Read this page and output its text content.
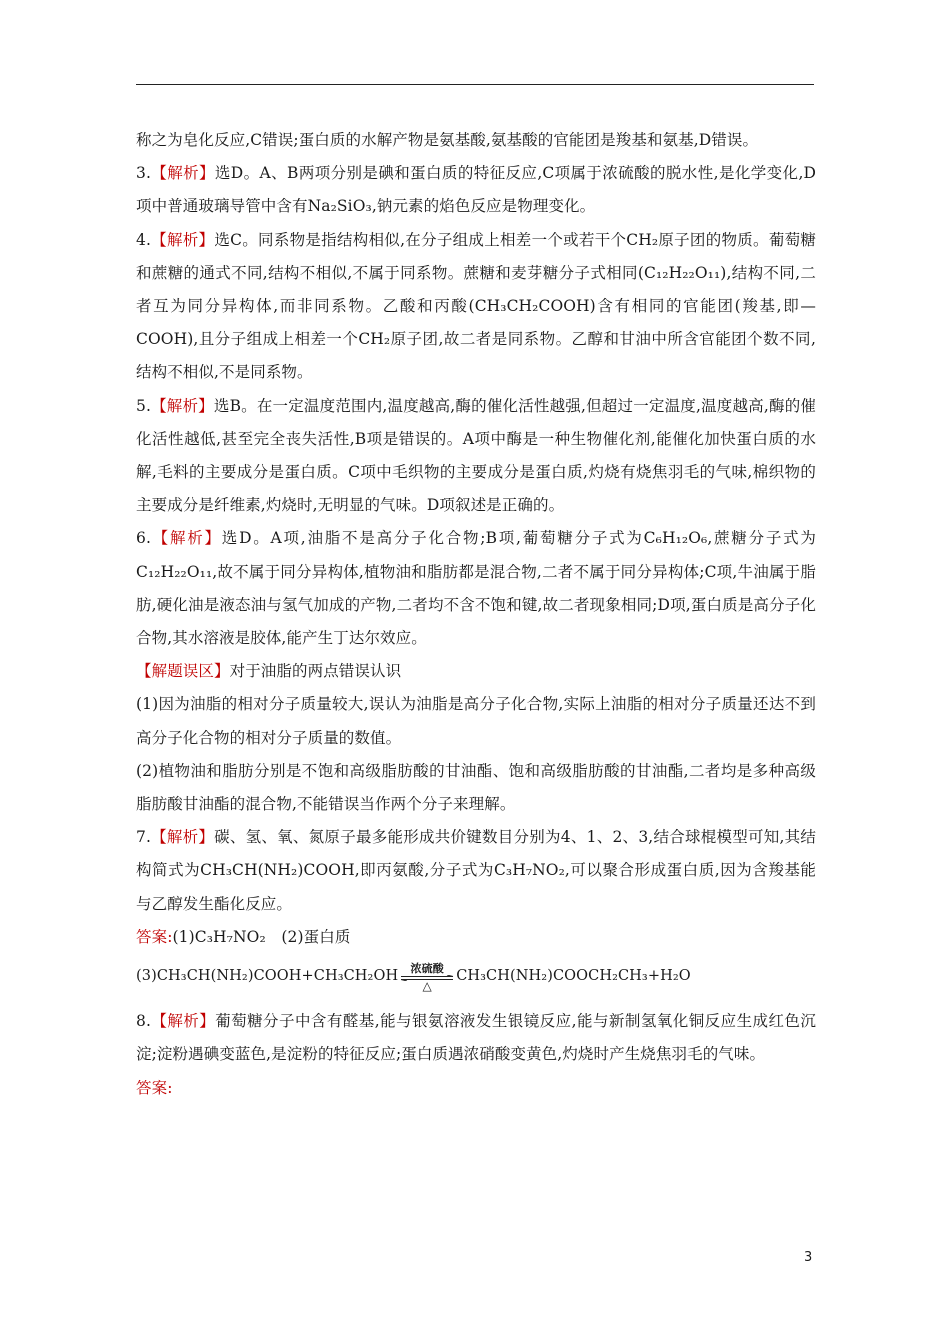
称之为皂化反应,C错误;蛋白质的水解产物是氨基酸,氨基酸的官能团是羧基和氨基,D错误。

3.【解析】选D。A、B两项分别是碘和蛋白质的特征反应,C项属于浓硫酸的脱水性,是化学变化,D项中普通玻璃导管中含有Na₂SiO₃,钠元素的焰色反应是物理变化。

4.【解析】选C。同系物是指结构相似,在分子组成上相差一个或若干个CH₂原子团的物质。葡萄糖和蔗糖的通式不同,结构不相似,不属于同系物。蔗糖和麦芽糖分子式相同(C₁₂H₂₂O₁₁),结构不同,二者互为同分异构体,而非同系物。乙酸和丙酸(CH₃CH₂COOH)含有相同的官能团(羧基,即—COOH),且分子组成上相差一个CH₂原子团,故二者是同系物。乙醇和甘油中所含官能团个数不同,结构不相似,不是同系物。

5.【解析】选B。在一定温度范围内,温度越高,酶的催化活性越强,但超过一定温度,温度越高,酶的催化活性越低,甚至完全丧失活性,B项是错误的。A项中酶是一种生物催化剂,能催化加快蛋白质的水解,毛料的主要成分是蛋白质。C项中毛织物的主要成分是蛋白质,灼烧有烧焦羽毛的气味,棉织物的主要成分是纤维素,灼烧时,无明显的气味。D项叙述是正确的。

6.【解析】选D。A项,油脂不是高分子化合物;B项,葡萄糖分子式为C₆H₁₂O₆,蔗糖分子式为C₁₂H₂₂O₁₁,故不属于同分异构体,植物油和脂肪都是混合物,二者不属于同分异构体;C项,牛油属于脂肪,硬化油是液态油与氢气加成的产物,二者均不含不饱和键,故二者现象相同;D项,蛋白质是高分子化合物,其水溶液是胶体,能产生丁达尔效应。

【解题误区】对于油脂的两点错误认识

(1)因为油脂的相对分子质量较大,误认为油脂是高分子化合物,实际上油脂的相对分子质量还达不到高分子化合物的相对分子质量的数值。

(2)植物油和脂肪分别是不饱和高级脂肪酸的甘油酯、饱和高级脂肪酸的甘油酯,二者均是多种高级脂肪酸甘油酯的混合物,不能错误当作两个分子来理解。

7.【解析】碳、氢、氧、氮原子最多能形成共价键数目分别为4、1、2、3,结合球棍模型可知,其结构简式为CH₃CH(NH₂)COOH,即丙氨酸,分子式为C₃H₇NO₂,可以聚合形成蛋白质,因为含羧基能与乙醇发生酯化反应。

答案:(1)C₃H₇NO₂　(2)蛋白质

(3)CH₃CH(NH₂)COOH+CH₃CH₂OH	浓硫酸
△
CH₃CH(NH₂)COOCH₂CH₃+H₂O

8.【解析】葡萄糖分子中含有醛基,能与银氨溶液发生银镜反应,能与新制氢氧化铜反应生成红色沉淀;淀粉遇碘变蓝色,是淀粉的特征反应;蛋白质遇浓硝酸变黄色,灼烧时产生烧焦羽毛的气味。

答案:

3
